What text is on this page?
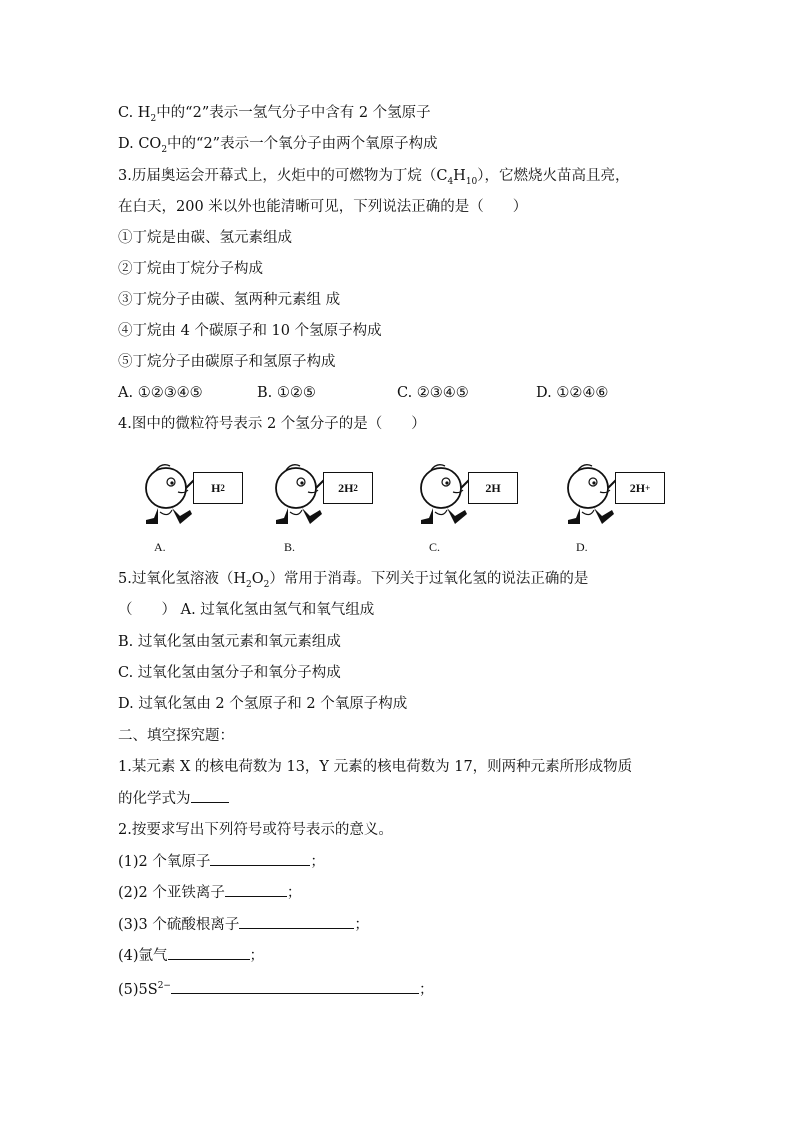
C. $H_2$中的“2”表示一氢气分子中含有 2 个氢原子
D. $CO_2$中的“2”表示一个氧分子由两个氧原子构成
3.历届奥运会开幕式上，火炬中的可燃物为丁烷$(C_4H_{10})$，它燃烧火苗高且亮，
在白天，200 米以外也能清晰可见，下列说法正确的是（　　）
①丁烷是由碳、氢元素组成
②丁烷由丁烷分子构成
③丁烷分子由碳、氢两种元素组 成
④丁烷由 4 个碳原子和 10 个氢原子构成
⑤丁烷分子由碳原子和氢原子构成
A. ①②③④⑤	B. ①②⑤	C. ②③④⑤	D. ①②④⑥
4.图中的微粒符号表示 2 个氢分子的是（　　）
H 2
A.
2H 2
B.
2H
C.
2H +
D.
5.过氧化氢溶液$(H_2O_2)$常用于消毒。下列关于过氧化氢的说法正确的是
（　　） A. 过氧化氢由氢气和氧气组成
B. 过氧化氢由氢元素和氧元素组成
C. 过氧化氢由氢分子和氧分子构成
D. 过氧化氢由 2 个氢原子和 2 个氧原子构成
二、填空探究题：
1.某元素 X 的核电荷数为 13，Y 元素的核电荷数为 17，则两种元素所形成物质
的化学式为
2.按要求写出下列符号或符号表示的意义。
(1)2 个氧原子	；
(2)2 个亚铁离子	；
(3)3 个硫酸根离子	；
(4)氩气	；
$(5)5S^{2-}$	；
